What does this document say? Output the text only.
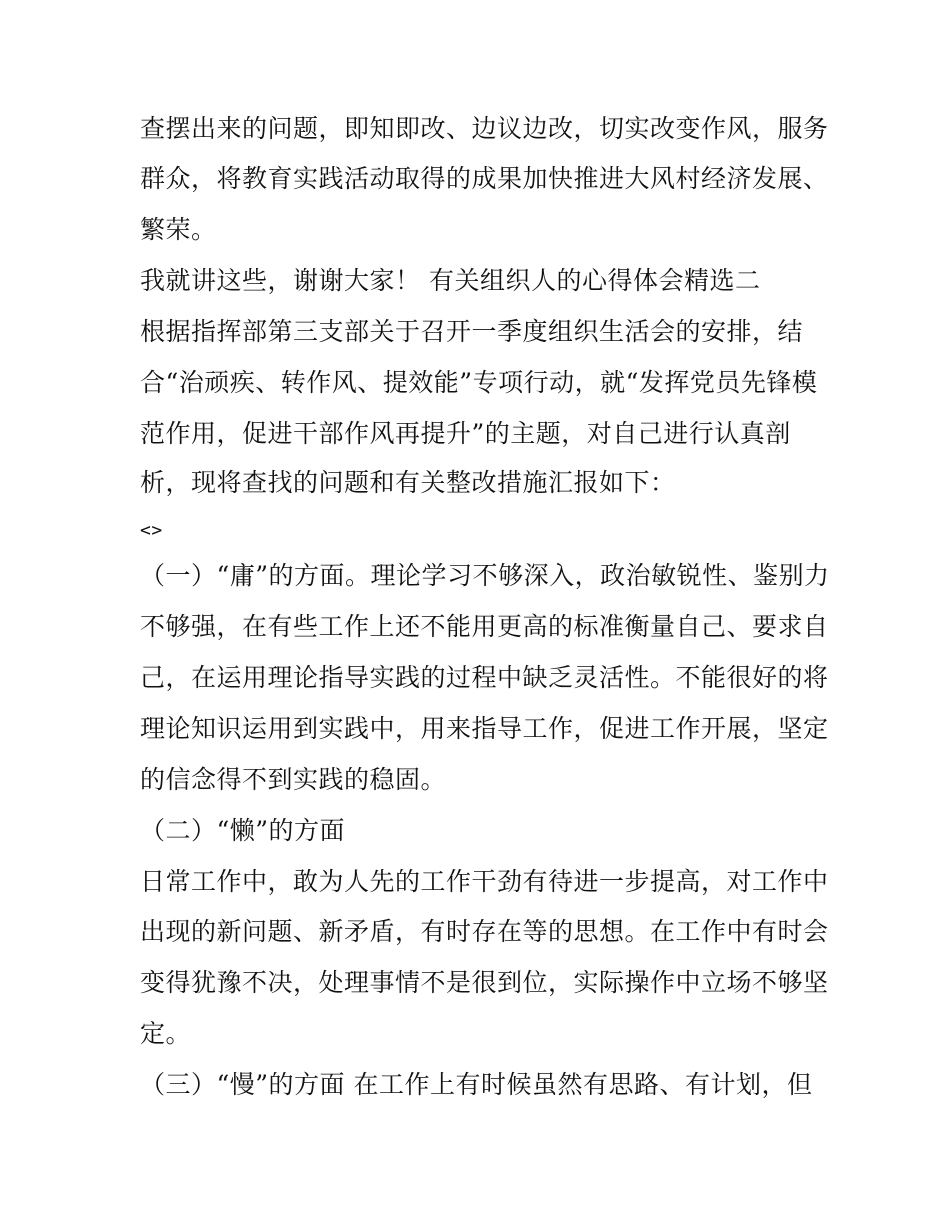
查摆出来的问题，即知即改、边议边改，切实改变作风，服务
群众，将教育实践活动取得的成果加快推进大风村经济发展、
繁荣。
我就讲这些，谢谢大家！ 有关组织人的心得体会精选二
根据指挥部第三支部关于召开一季度组织生活会的安排，结
合“治顽疾、转作风、提效能”专项行动，就“发挥党员先锋模
范作用，促进干部作风再提升”的主题，对自己进行认真剖
析，现将查找的问题和有关整改措施汇报如下：
<>
（一）“庸”的方面。理论学习不够深入，政治敏锐性、鉴别力
不够强，在有些工作上还不能用更高的标准衡量自己、要求自
己，在运用理论指导实践的过程中缺乏灵活性。不能很好的将
理论知识运用到实践中，用来指导工作，促进工作开展，坚定
的信念得不到实践的稳固。
（二）“懒”的方面
日常工作中，敢为人先的工作干劲有待进一步提高，对工作中
出现的新问题、新矛盾，有时存在等的思想。在工作中有时会
变得犹豫不决，处理事情不是很到位，实际操作中立场不够坚
定。
（三）“慢”的方面 在工作上有时候虽然有思路、有计划，但
